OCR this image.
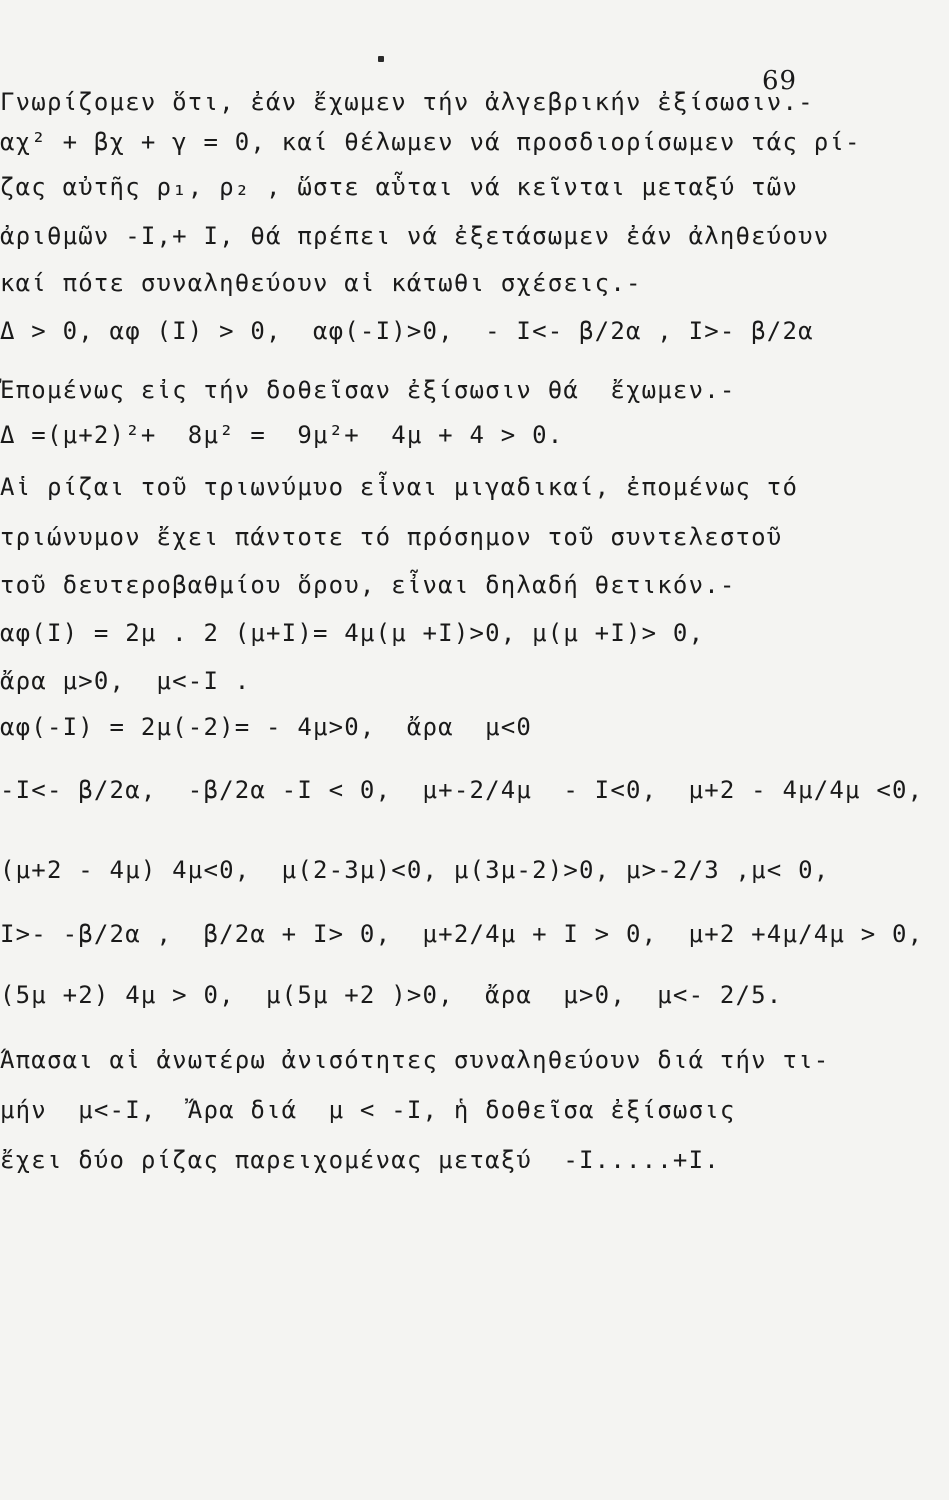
69
Γνωρίζομεν ὅτι, ἐάν ἔχωμεν τήν ἀλγεβρικήν ἐξίσωσιν.-
αχ² + βχ + γ = 0, καί θέλωμεν νά προσδιορίσωμεν τάς ρί-
ζας αὐτῆς ρ₁, ρ₂ , ὥστε αὗται νά κεῖνται μεταξύ τῶν
ἀριθμῶν -Ι,+ Ι, θά πρέπει νά ἐξετάσωμεν ἐάν ἀληθεύουν
καί πότε συναληθεύουν αἱ κάτωθι σχέσεις.-
Δ > 0, αφ (Ι) > 0,  αφ(-Ι)>0,  - Ι<- β/2α , Ι>- β/2α
Ἐπομένως εἰς τήν δοθεῖσαν ἐξίσωσιν θά  ἔχωμεν.-
Δ =(μ+2)²+  8μ² =  9μ²+  4μ + 4 > 0.
Αἱ ρίζαι τοῦ τριωνύμυο εἶναι μιγαδικαί, ἐπομένως τό
τριώνυμον ἔχει πάντοτε τό πρόσημον τοῦ συντελεστοῦ
τοῦ δευτεροβαθμίου ὅρου, εἶναι δηλαδή θετικόν.-
αφ(Ι) = 2μ . 2 (μ+Ι)= 4μ(μ +Ι)>0, μ(μ +Ι)> 0,
ἄρα μ>0,  μ<-Ι .
αφ(-Ι) = 2μ(-2)= - 4μ>0,  ἄρα  μ<0
-Ι<- β/2α,  -β/2α -Ι < 0,  μ+-2/4μ  - Ι<0,  μ+2 - 4μ/4μ <0,
(μ+2 - 4μ) 4μ<0,  μ(2-3μ)<0, μ(3μ-2)>0, μ>-2/3 ,μ< 0,
Ι>- -β/2α ,  β/2α + Ι> 0,  μ+2/4μ + Ι > 0,  μ+2 +4μ/4μ > 0,
(5μ +2) 4μ > 0,  μ(5μ +2 )>0,  ἄρα  μ>0,  μ<- 2/5.
Ἅπασαι αἱ ἀνωτέρω ἀνισότητες συναληθεύουν διά τήν τι-
μήν  μ<-Ι,  Ἄρα διά  μ < -Ι, ἡ δοθεῖσα ἐξίσωσις
ἔχει δύο ρίζας παρειχομένας μεταξύ  -Ι.....+Ι.
